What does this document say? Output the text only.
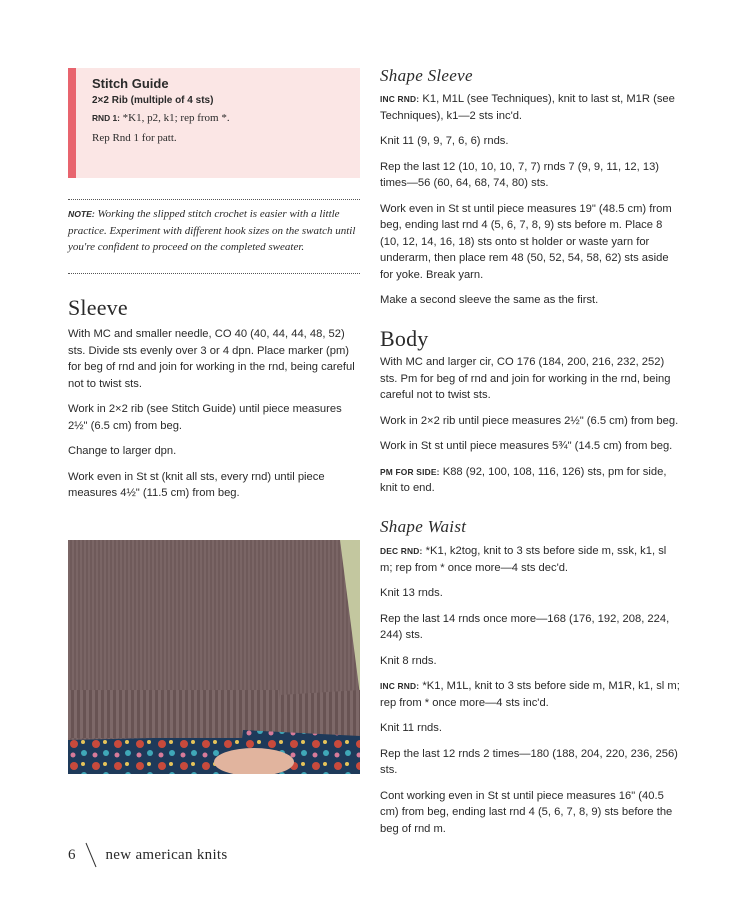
Stitch Guide

2×2 Rib (multiple of 4 sts)

RND 1: *K1, p2, k1; rep from *.

Rep Rnd 1 for patt.

NOTE: Working the slipped stitch crochet is easier with a little practice. Experiment with different hook sizes on the swatch until you're confident to proceed on the completed sweater.

Sleeve

With MC and smaller needle, CO 40 (40, 44, 44, 48, 52) sts. Divide sts evenly over 3 or 4 dpn. Place marker (pm) for beg of rnd and join for working in the rnd, being careful not to twist sts.

Work in 2×2 rib (see Stitch Guide) until piece measures 2½" (6.5 cm) from beg.

Change to larger dpn.

Work even in St st (knit all sts, every rnd) until piece measures 4½" (11.5 cm) from beg.

Shape Sleeve

INC RND: K1, M1L (see Techniques), knit to last st, M1R (see Techniques), k1—2 sts inc'd.

Knit 11 (9, 9, 7, 6, 6) rnds.

Rep the last 12 (10, 10, 10, 7, 7) rnds 7 (9, 9, 11, 12, 13) times—56 (60, 64, 68, 74, 80) sts.

Work even in St st until piece measures 19" (48.5 cm) from beg, ending last rnd 4 (5, 6, 7, 8, 9) sts before m. Place 8 (10, 12, 14, 16, 18) sts onto st holder or waste yarn for underarm, then place rem 48 (50, 52, 54, 58, 62) sts aside for yoke. Break yarn.

Make a second sleeve the same as the first.

Body

With MC and larger cir, CO 176 (184, 200, 216, 232, 252) sts. Pm for beg of rnd and join for working in the rnd, being careful not to twist sts.

Work in 2×2 rib until piece measures 2½" (6.5 cm) from beg.

Work in St st until piece measures 5¾" (14.5 cm) from beg.

PM FOR SIDE: K88 (92, 100, 108, 116, 126) sts, pm for side, knit to end.

Shape Waist

DEC RND: *K1, k2tog, knit to 3 sts before side m, ssk, k1, sl m; rep from * once more—4 sts dec'd.

Knit 13 rnds.

Rep the last 14 rnds once more—168 (176, 192, 208, 224, 244) sts.

Knit 8 rnds.

INC RND: *K1, M1L, knit to 3 sts before side m, M1R, k1, sl m; rep from * once more—4 sts inc'd.

Knit 11 rnds.

Rep the last 12 rnds 2 times—180 (188, 204, 220, 236, 256) sts.

Cont working even in St st until piece measures 16" (40.5 cm) from beg, ending last rnd 4 (5, 6, 7, 8, 9) sts before the beg of rnd m.

6 new american knits
